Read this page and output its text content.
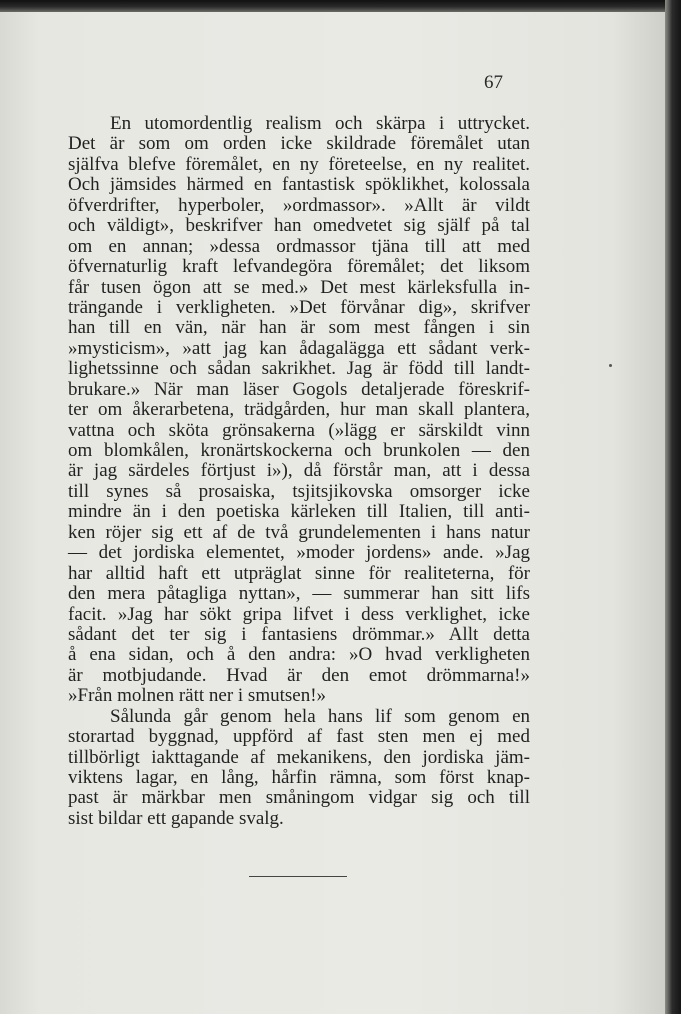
67
En utomordentlig realism och skärpa i uttrycket.
Det är som om orden icke skildrade föremålet utan
själfva blefve föremålet, en ny företeelse, en ny realitet.
Och jämsides härmed en fantastisk spöklikhet, kolossala
öfverdrifter, hyperboler, »ordmassor». »Allt är vildt
och väldigt», beskrifver han omedvetet sig själf på tal
om en annan; »dessa ordmassor tjäna till att med
öfvernaturlig kraft lefvandegöra föremålet; det liksom
får tusen ögon att se med.» Det mest kärleksfulla in-
trängande i verkligheten. »Det förvånar dig», skrifver
han till en vän, när han är som mest fången i sin
»mysticism», »att jag kan ådagalägga ett sådant verk-
lighetssinne och sådan sakrikhet. Jag är född till landt-
brukare.» När man läser Gogols detaljerade föreskrif-
ter om åkerarbetena, trädgården, hur man skall plantera,
vattna och sköta grönsakerna (»lägg er särskildt vinn
om blomkålen, kronärtskockerna och brunkolen — den
är jag särdeles förtjust i»), då förstår man, att i dessa
till synes så prosaiska, tsjitsjikovska omsorger icke
mindre än i den poetiska kärleken till Italien, till anti-
ken röjer sig ett af de två grundelementen i hans natur
— det jordiska elementet, »moder jordens» ande. »Jag
har alltid haft ett utpräglat sinne för realiteterna, för
den mera påtagliga nyttan», — summerar han sitt lifs
facit. »Jag har sökt gripa lifvet i dess verklighet, icke
sådant det ter sig i fantasiens drömmar.» Allt detta
å ena sidan, och å den andra: »O hvad verkligheten
är motbjudande. Hvad är den emot drömmarna!»
»Från molnen rätt ner i smutsen!»
Sålunda går genom hela hans lif som genom en
storartad byggnad, uppförd af fast sten men ej med
tillbörligt iakttagande af mekanikens, den jordiska jäm-
viktens lagar, en lång, hårfin rämna, som först knap-
past är märkbar men småningom vidgar sig och till
sist bildar ett gapande svalg.
